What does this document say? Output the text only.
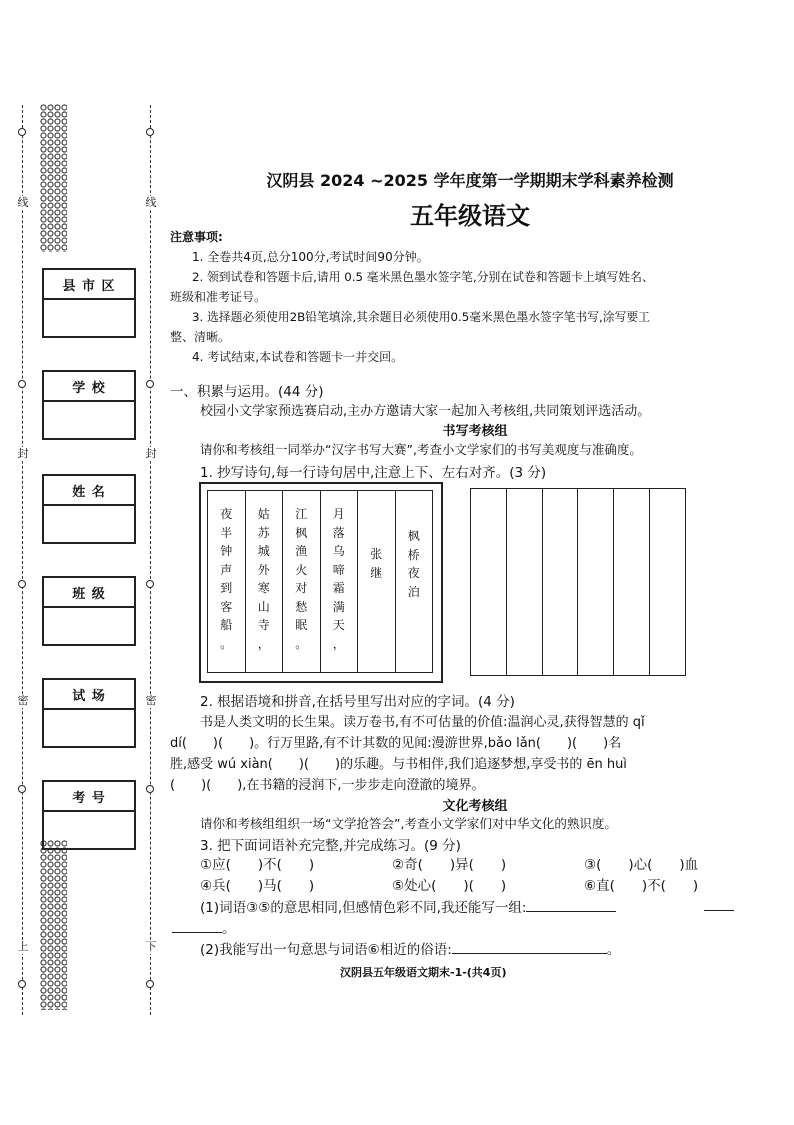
线	线
封	封
密	密
上	下
县 市 区
学 校
姓 名
班 级
试 场
考 号
汉阴县 2024 ~2025 学年度第一学期期末学科素养检测
五年级语文
注意事项:
1. 全卷共4页,总分100分,考试时间90分钟。
2. 领到试卷和答题卡后,请用 0.5 毫米黑色墨水签字笔,分别在试卷和答题卡上填写姓名、
班级和准考证号。
3. 选择题必须使用2B铅笔填涂,其余题目必须使用0.5毫米黑色墨水签字笔书写,涂写要工
整、清晰。
4. 考试结束,本试卷和答题卡一并交回。
一、积累与运用。(44 分)
校园小文学家预选赛启动,主办方邀请大家一起加入考核组,共同策划评选活动。
书写考核组
请你和考核组一同举办“汉字书写大赛”,考查小文学家们的书写美观度与准确度。
1. 抄写诗句,每一行诗句居中,注意上下、左右对齐。(3 分)
夜
半
钟
声
到
客
船
。
姑
苏
城
外
寒
山
寺
，
江
枫
渔
火
对
愁
眠
。
月
落
乌
啼
霜
满
天
，
张
继
枫
桥
夜
泊
2. 根据语境和拼音,在括号里写出对应的字词。(4 分)
书是人类文明的长生果。读万卷书,有不可估量的价值:温润心灵,获得智慧的 qǐ
dí(　　)(　　)。行万里路,有不计其数的见闻:漫游世界,bǎo lǎn(　　)(　　)名
胜,感受 wú xiàn(　　)(　　)的乐趣。与书相伴,我们追逐梦想,享受书的 ēn huì
(　　)(　　),在书籍的浸润下,一步步走向澄澈的境界。
文化考核组
请你和考核组组织一场“文学抢答会”,考查小文学家们对中华文化的熟识度。
3. 把下面词语补充完整,并完成练习。(9 分)
①应(　　)不(　　)	②奇(　　)异(　　)	③(　　)心(　　)血
④兵(　　)马(　　)	⑤处心(　　)(　　)	⑥直(　　)不(　　)
(1)词语③⑤的意思相同,但感情色彩不同,我还能写一组:
。
(2)我能写出一句意思与词语⑥相近的俗语:	。
汉阴县五年级语文期末-1-(共4页)
